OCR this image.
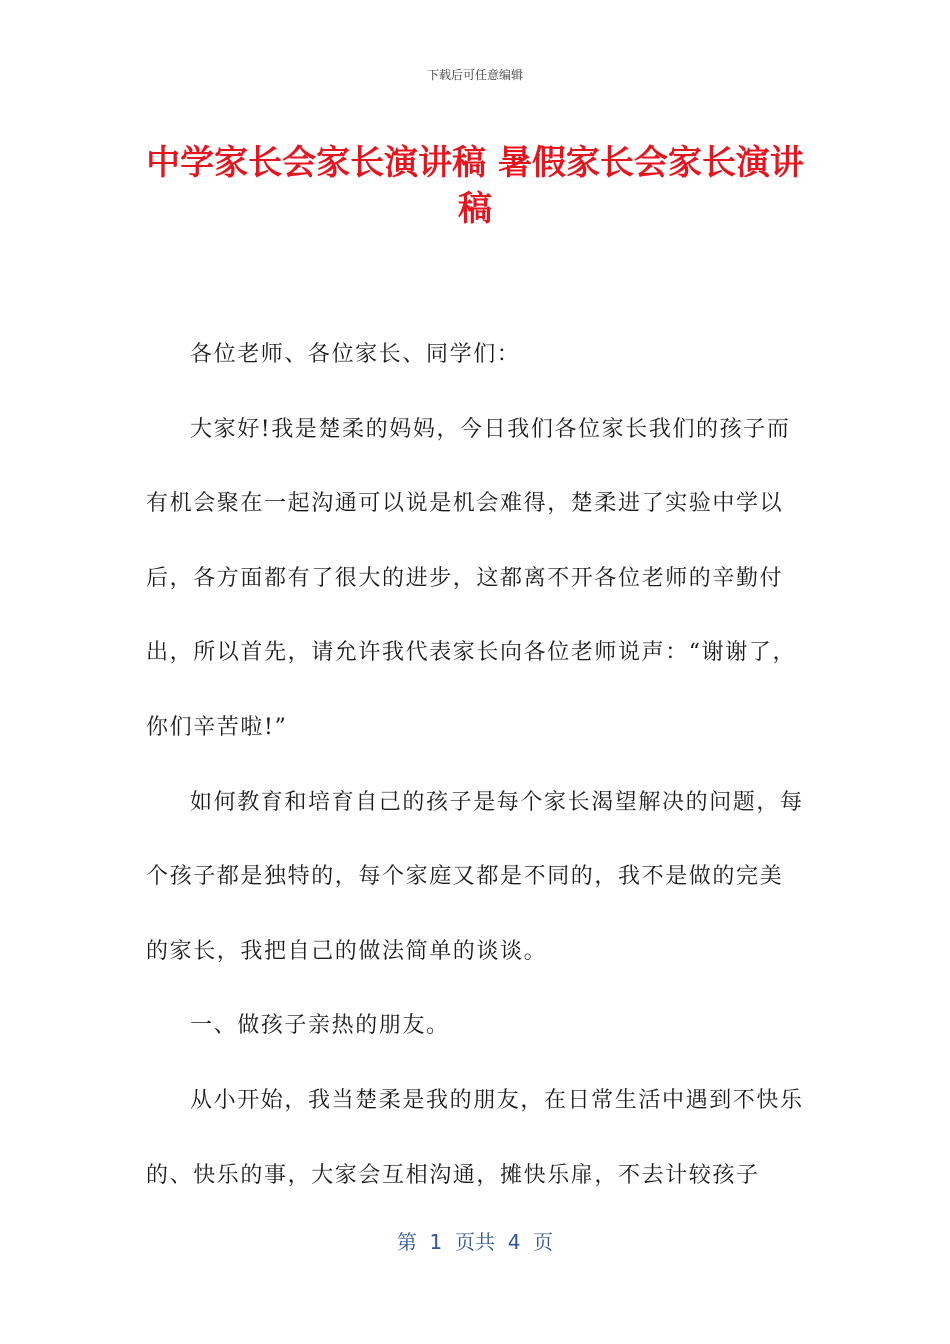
下载后可任意编辑
中学家长会家长演讲稿 暑假家长会家长演讲稿

各位老师、各位家长、同学们：

大家好!我是楚柔的妈妈，今日我们各位家长我们的孩子而有机会聚在一起沟通可以说是机会难得，楚柔进了实验中学以后，各方面都有了很大的进步，这都离不开各位老师的辛勤付出，所以首先，请允许我代表家长向各位老师说声：“谢谢了，你们辛苦啦!”

如何教育和培育自己的孩子是每个家长渴望解决的问题，每个孩子都是独特的，每个家庭又都是不同的，我不是做的完美的家长，我把自己的做法简单的谈谈。

一、做孩子亲热的朋友。

从小开始，我当楚柔是我的朋友，在日常生活中遇到不快乐的、快乐的事，大家会互相沟通，摊快乐扉，不去计较孩子

第  1  页共  4  页
